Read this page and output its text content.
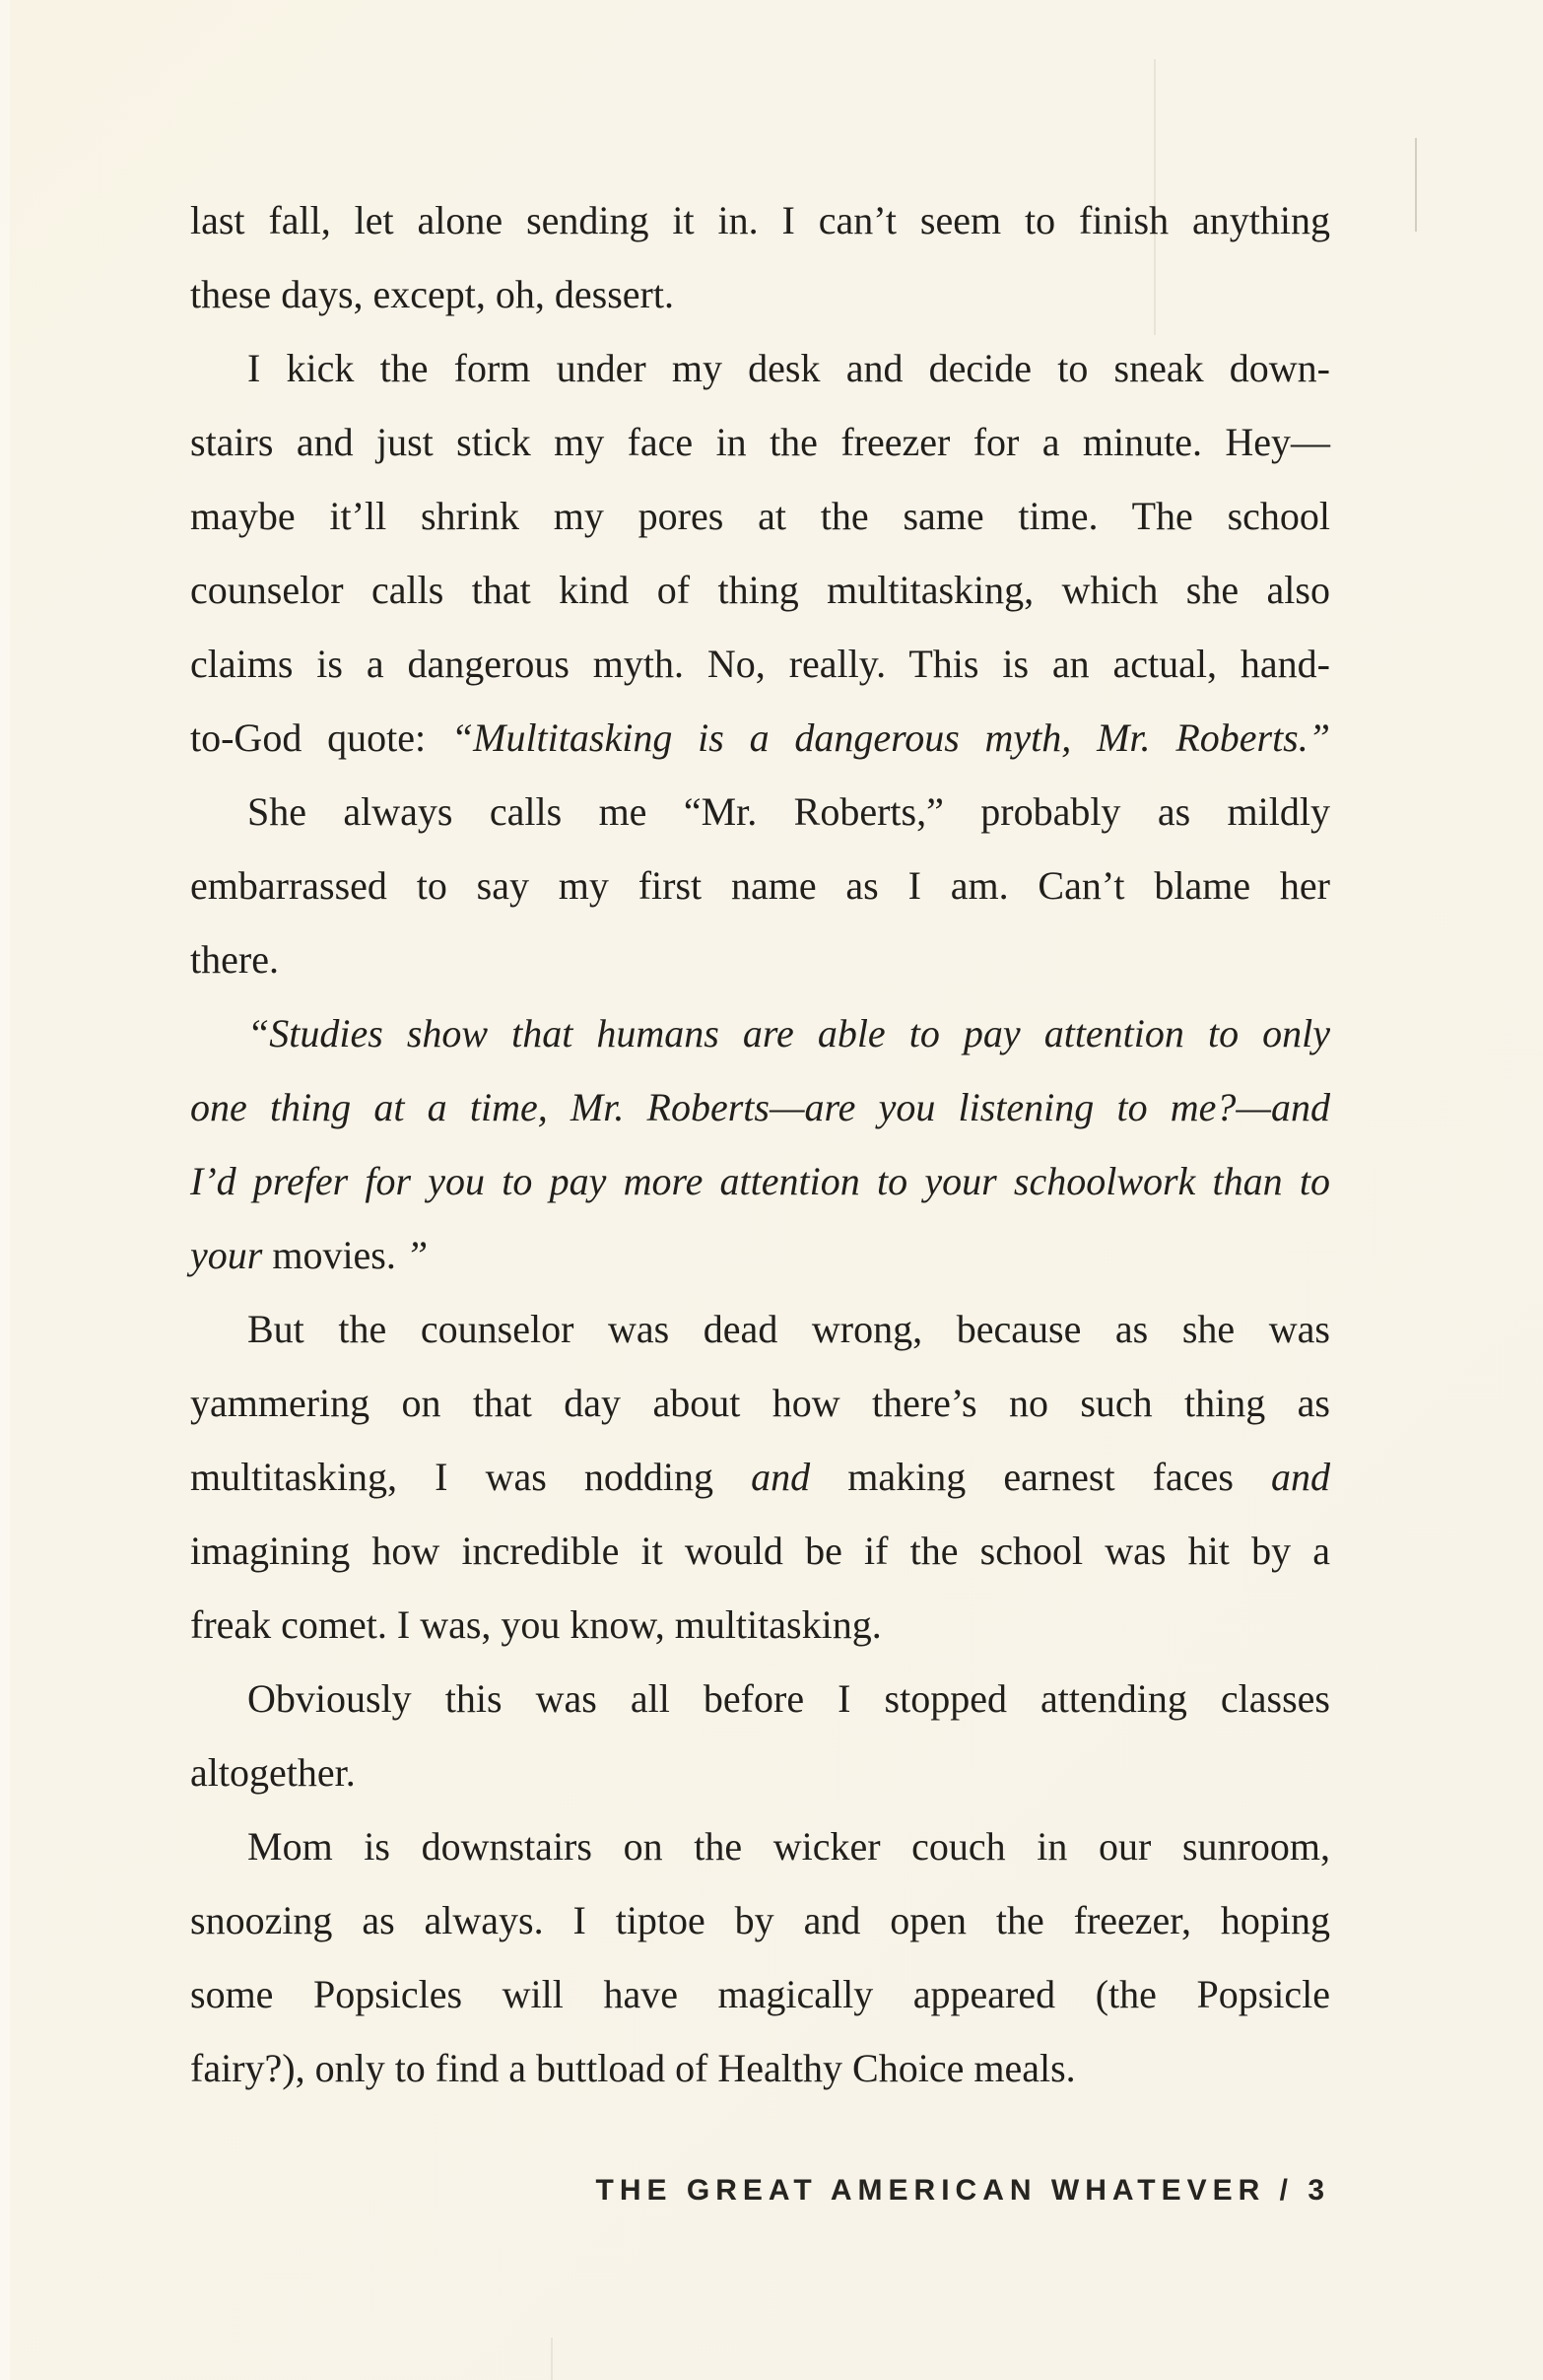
last fall, let alone sending it in. I can’t seem to finish anything
these days, except, oh, dessert.
I kick the form under my desk and decide to sneak down-
stairs and just stick my face in the freezer for a minute. Hey—
maybe it’ll shrink my pores at the same time. The school
counselor calls that kind of thing multitasking, which she also
claims is a dangerous myth. No, really. This is an actual, hand-
to-God quote: “Multitasking is a dangerous myth, Mr. Roberts.”
She always calls me “Mr. Roberts,” probably as mildly
embarrassed to say my first name as I am. Can’t blame her
there.
“Studies show that humans are able to pay attention to only
one thing at a time, Mr. Roberts—are you listening to me?—and
I’d prefer for you to pay more attention to your schoolwork than to
your movies. ”
But the counselor was dead wrong, because as she was
yammering on that day about how there’s no such thing as
multitasking, I was nodding and making earnest faces and
imagining how incredible it would be if the school was hit by a
freak comet. I was, you know, multitasking.
Obviously this was all before I stopped attending classes
altogether.
Mom is downstairs on the wicker couch in our sunroom,
snoozing as always. I tiptoe by and open the freezer, hoping
some Popsicles will have magically appeared (the Popsicle
fairy?), only to find a buttload of Healthy Choice meals.
THE GREAT AMERICAN WHATEVER / 3
